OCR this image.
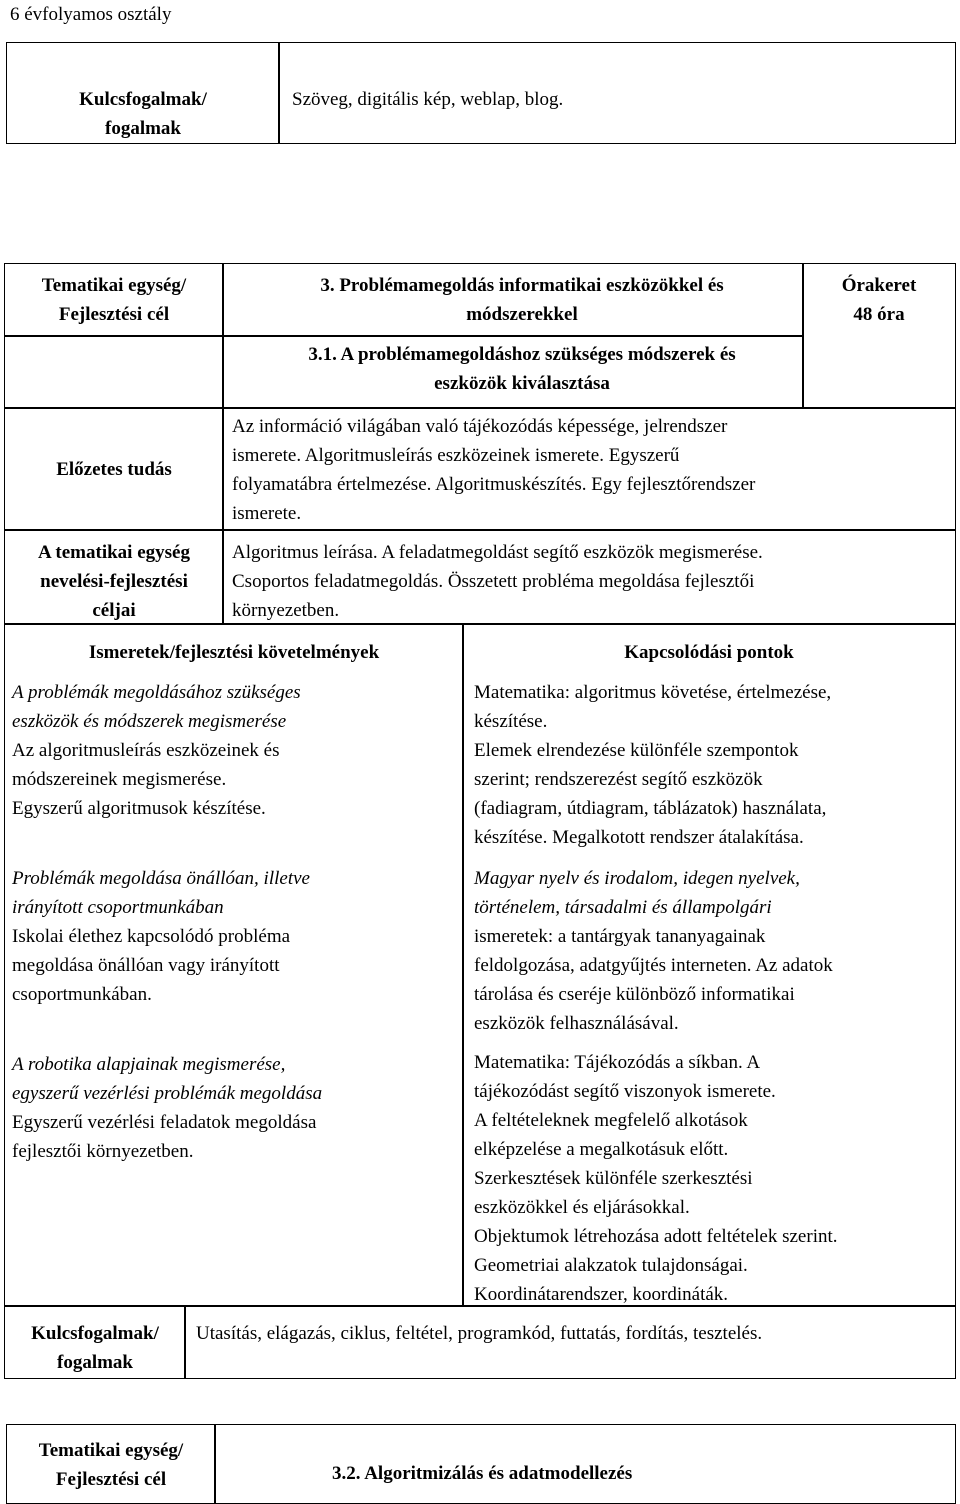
6 évfolyamos osztály
Kulcsfogalmak/
fogalmak
Szöveg, digitális kép, weblap, blog.
Tematikai egység/
Fejlesztési cél
3. Problémamegoldás informatikai eszközökkel és
módszerekkel
Órakeret
48 óra
3.1. A problémamegoldáshoz szükséges módszerek és
eszközök kiválasztása
Előzetes tudás

Az információ világában való tájékozódás képessége, jelrendszer

ismerete. Algoritmusleírás eszközeinek ismerete. Egyszerű

folyamatábra értelmezése. Algoritmuskészítés. Egy fejlesztőrendszer

ismerete.

A tematikai egység

nevelési-fejlesztési

céljai

Algoritmus leírása. A feladatmegoldást segítő eszközök megismerése.

Csoportos feladatmegoldás. Összetett probléma megoldása fejlesztői

környezetben.

Ismeretek/fejlesztési követelmények	Kapcsolódási pontok

A problémák megoldásához szükséges

eszközök és módszerek megismerése

Az algoritmusleírás eszközeinek és

módszereinek megismerése.

Egyszerű algoritmusok készítése.

Problémák megoldása önállóan, illetve

irányított csoportmunkában

Iskolai élethez kapcsolódó probléma

megoldása önállóan vagy irányított

csoportmunkában.

A robotika alapjainak megismerése,

egyszerű vezérlési problémák megoldása

Egyszerű vezérlési feladatok megoldása

fejlesztői környezetben.

Matematika: algoritmus követése, értelmezése,

készítése.

Elemek elrendezése különféle szempontok

szerint; rendszerezést segítő eszközök

(fadiagram, útdiagram, táblázatok) használata,

készítése. Megalkotott rendszer átalakítása.

Magyar nyelv és irodalom, idegen nyelvek,

történelem, társadalmi és állampolgári

ismeretek: a tantárgyak tananyagainak

feldolgozása, adatgyűjtés interneten. Az adatok

tárolása és cseréje különböző informatikai

eszközök felhasználásával.

Matematika: Tájékozódás a síkban. A

tájékozódást segítő viszonyok ismerete.

A feltételeknek megfelelő alkotások

elképzelése a megalkotásuk előtt.

Szerkesztések különféle szerkesztési

eszközökkel és eljárásokkal.

Objektumok létrehozása adott feltételek szerint.

Geometriai alakzatok tulajdonságai.

Koordinátarendszer, koordináták.

Kulcsfogalmak/
fogalmak
Utasítás, elágazás, ciklus, feltétel, programkód, futtatás, fordítás, tesztelés.
Tematikai egység/
Fejlesztési cél	3.2. Algoritmizálás és adatmodellezés
